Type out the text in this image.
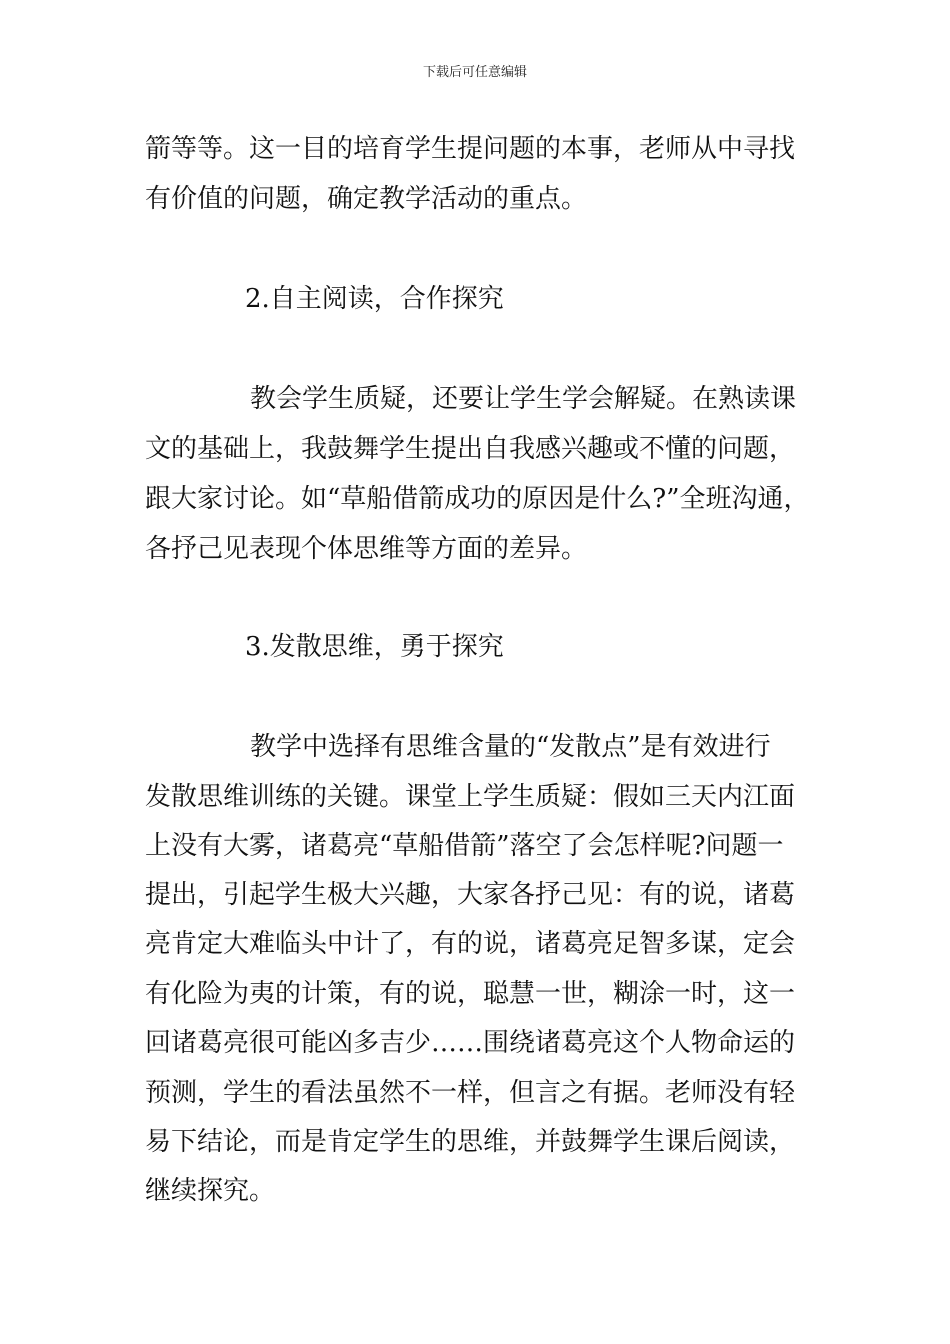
下载后可任意编辑
箭等等。这一目的培育学生提问题的本事，老师从中寻找
有价值的问题，确定教学活动的重点。
2.自主阅读，合作探究
教会学生质疑，还要让学生学会解疑。在熟读课
文的基础上，我鼓舞学生提出自我感兴趣或不懂的问题，
跟大家讨论。如“草船借箭成功的原因是什么?”全班沟通，
各抒己见表现个体思维等方面的差异。
3.发散思维，勇于探究
教学中选择有思维含量的“发散点”是有效进行
发散思维训练的关键。课堂上学生质疑：假如三天内江面
上没有大雾，诸葛亮“草船借箭”落空了会怎样呢?问题一
提出，引起学生极大兴趣，大家各抒己见：有的说，诸葛
亮肯定大难临头中计了，有的说，诸葛亮足智多谋，定会
有化险为夷的计策，有的说，聪慧一世，糊涂一时，这一
回诸葛亮很可能凶多吉少……围绕诸葛亮这个人物命运的
预测，学生的看法虽然不一样，但言之有据。老师没有轻
易下结论，而是肯定学生的思维，并鼓舞学生课后阅读，
继续探究。
